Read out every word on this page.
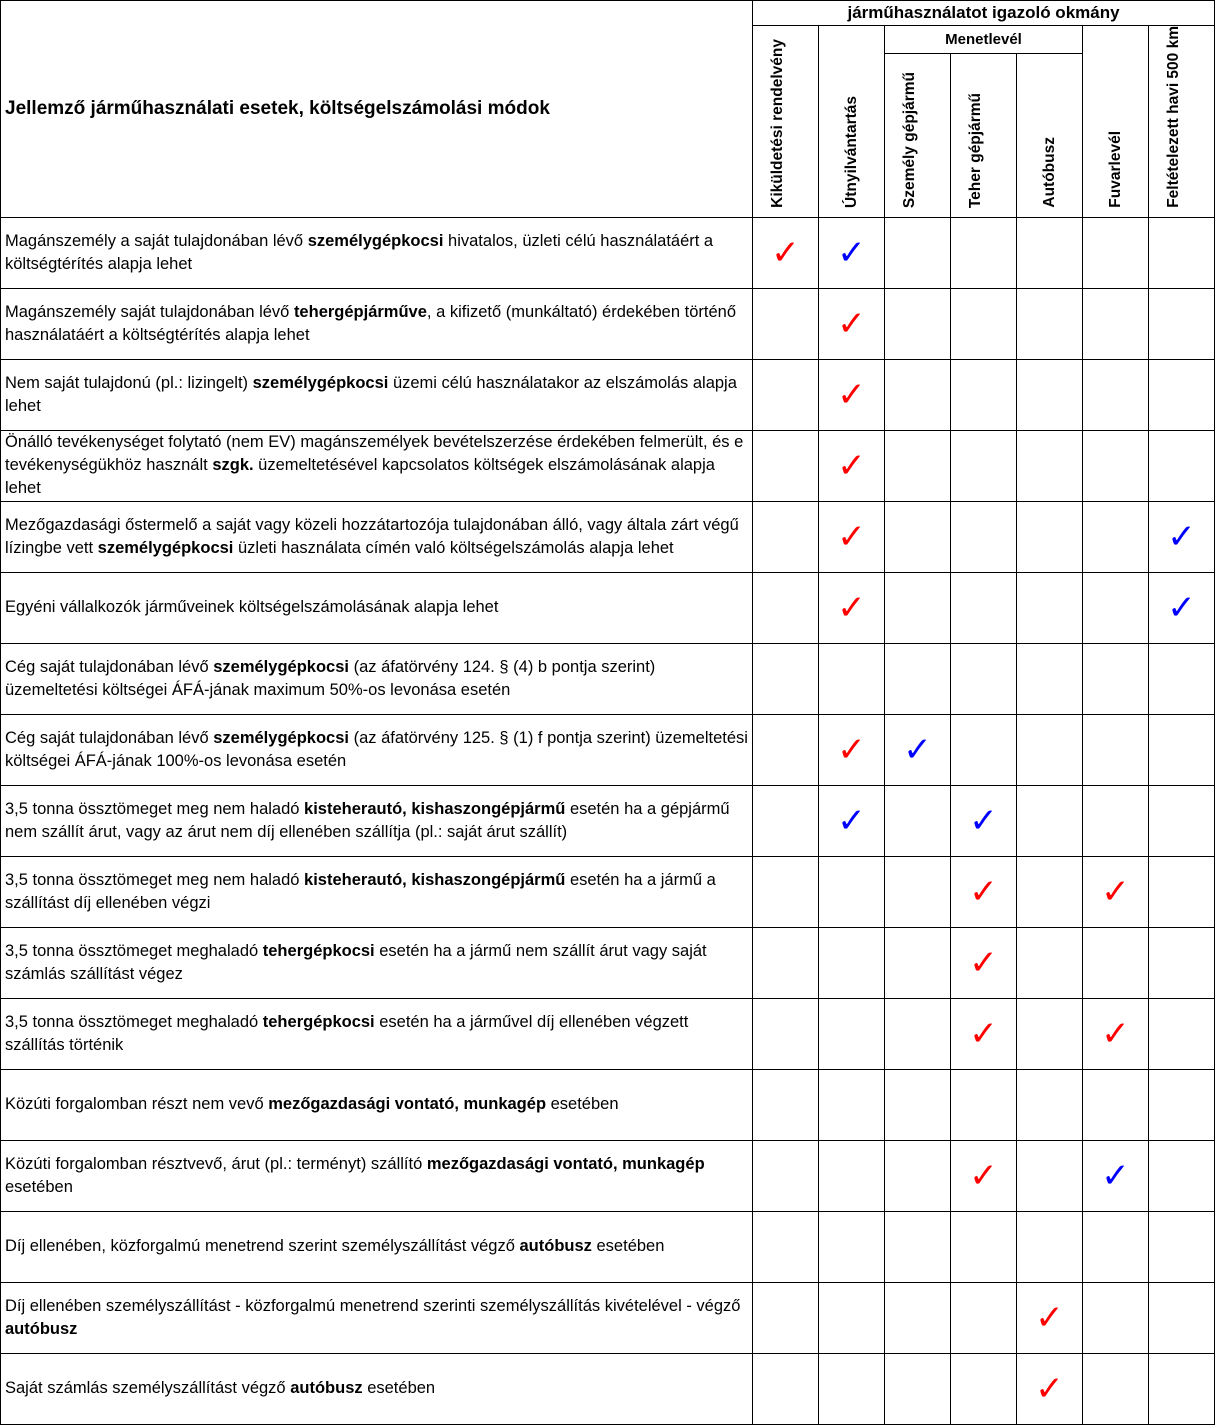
Jellemző járműhasználati esetek, költségelszámolási módok	járműhasználatot igazoló okmány						
	Kiküldetési rendelvény	Útnyilvántartás	Menetlevél			Fuvarlevél	Feltételezett havi 500 km
			Személy gépjármű	Teher gépjármű	Autóbusz		
Magánszemély a saját tulajdonában lévő személygépkocsi hivatalos, üzleti célú használatáért a költségtérítés alapja lehet	✓	✓					
Magánszemély saját tulajdonában lévő tehergépjárműve, a kifizető (munkáltató) érdekében történő használatáért a költségtérítés alapja lehet		✓					
Nem saját tulajdonú (pl.: lizingelt) személygépkocsi üzemi célú használatakor az elszámolás alapja lehet		✓					
Önálló tevékenységet folytató (nem EV) magánszemélyek bevételszerzése érdekében felmerült, és e tevékenységükhöz használt szgk. üzemeltetésével kapcsolatos költségek elszámolásának alapja lehet		✓					
Mezőgazdasági őstermelő a saját vagy közeli hozzátartozója tulajdonában álló, vagy általa zárt végű lízingbe vett személygépkocsi üzleti használata címén való költségelszámolás alapja lehet		✓					✓
Egyéni vállalkozók járműveinek költségelszámolásának alapja lehet		✓					✓
Cég saját tulajdonában lévő személygépkocsi (az áfatörvény 124. § (4) b pontja szerint) üzemeltetési költségei ÁFÁ-jának maximum 50%-os levonása esetén							
Cég saját tulajdonában lévő személygépkocsi (az áfatörvény 125. § (1) f pontja szerint) üzemeltetési költségei ÁFÁ-jának 100%-os levonása esetén		✓	✓				
3,5 tonna össztömeget meg nem haladó kisteherautó, kishaszongépjármű esetén ha a gépjármű nem szállít árut, vagy az árut nem díj ellenében szállítja (pl.: saját árut szállít)		✓		✓			
3,5 tonna össztömeget meg nem haladó kisteherautó, kishaszongépjármű esetén ha a jármű a szállítást díj ellenében végzi				✓		✓	
3,5 tonna össztömeget meghaladó tehergépkocsi esetén ha a jármű nem szállít árut vagy saját számlás szállítást végez				✓			
3,5 tonna össztömeget meghaladó tehergépkocsi esetén ha a járművel díj ellenében végzett szállítás történik				✓		✓	
Közúti forgalomban részt nem vevő mezőgazdasági vontató, munkagép esetében							
Közúti forgalomban résztvevő, árut (pl.: terményt) szállító mezőgazdasági vontató, munkagép esetében				✓		✓	
Díj ellenében, közforgalmú menetrend szerint személyszállítást végző autóbusz esetében							
Díj ellenében személyszállítást - közforgalmú menetrend szerinti személyszállítás kivételével - végző autóbusz					✓		
Saját számlás személyszállítást végző autóbusz esetében					✓		
